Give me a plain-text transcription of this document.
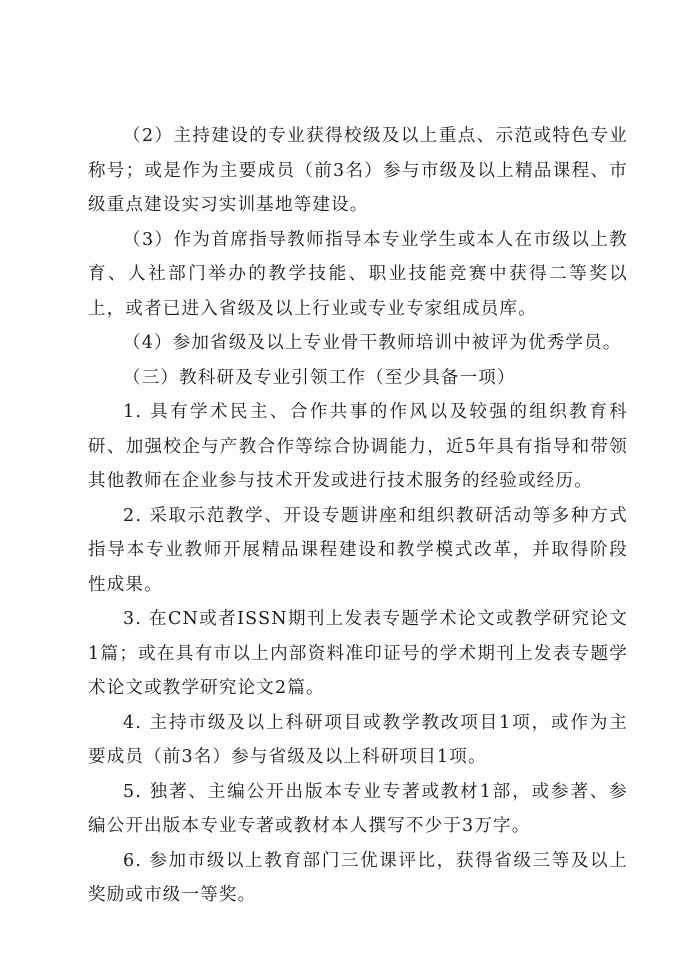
（2）主持建设的专业获得校级及以上重点、示范或特色专业称号；或是作为主要成员（前3名）参与市级及以上精品课程、市级重点建设实习实训基地等建设。

（3）作为首席指导教师指导本专业学生或本人在市级以上教育、人社部门举办的教学技能、职业技能竞赛中获得二等奖以上，或者已进入省级及以上行业或专业专家组成员库。

（4）参加省级及以上专业骨干教师培训中被评为优秀学员。

（三）教科研及专业引领工作（至少具备一项）

1. 具有学术民主、合作共事的作风以及较强的组织教育科研、加强校企与产教合作等综合协调能力，近5年具有指导和带领其他教师在企业参与技术开发或进行技术服务的经验或经历。

2. 采取示范教学、开设专题讲座和组织教研活动等多种方式指导本专业教师开展精品课程建设和教学模式改革，并取得阶段性成果。

3. 在CN或者ISSN期刊上发表专题学术论文或教学研究论文1篇；或在具有市以上内部资料准印证号的学术期刊上发表专题学术论文或教学研究论文2篇。

4. 主持市级及以上科研项目或教学教改项目1项，或作为主要成员（前3名）参与省级及以上科研项目1项。

5. 独著、主编公开出版本专业专著或教材1部，或参著、参编公开出版本专业专著或教材本人撰写不少于3万字。

6. 参加市级以上教育部门三优课评比，获得省级三等及以上奖励或市级一等奖。
